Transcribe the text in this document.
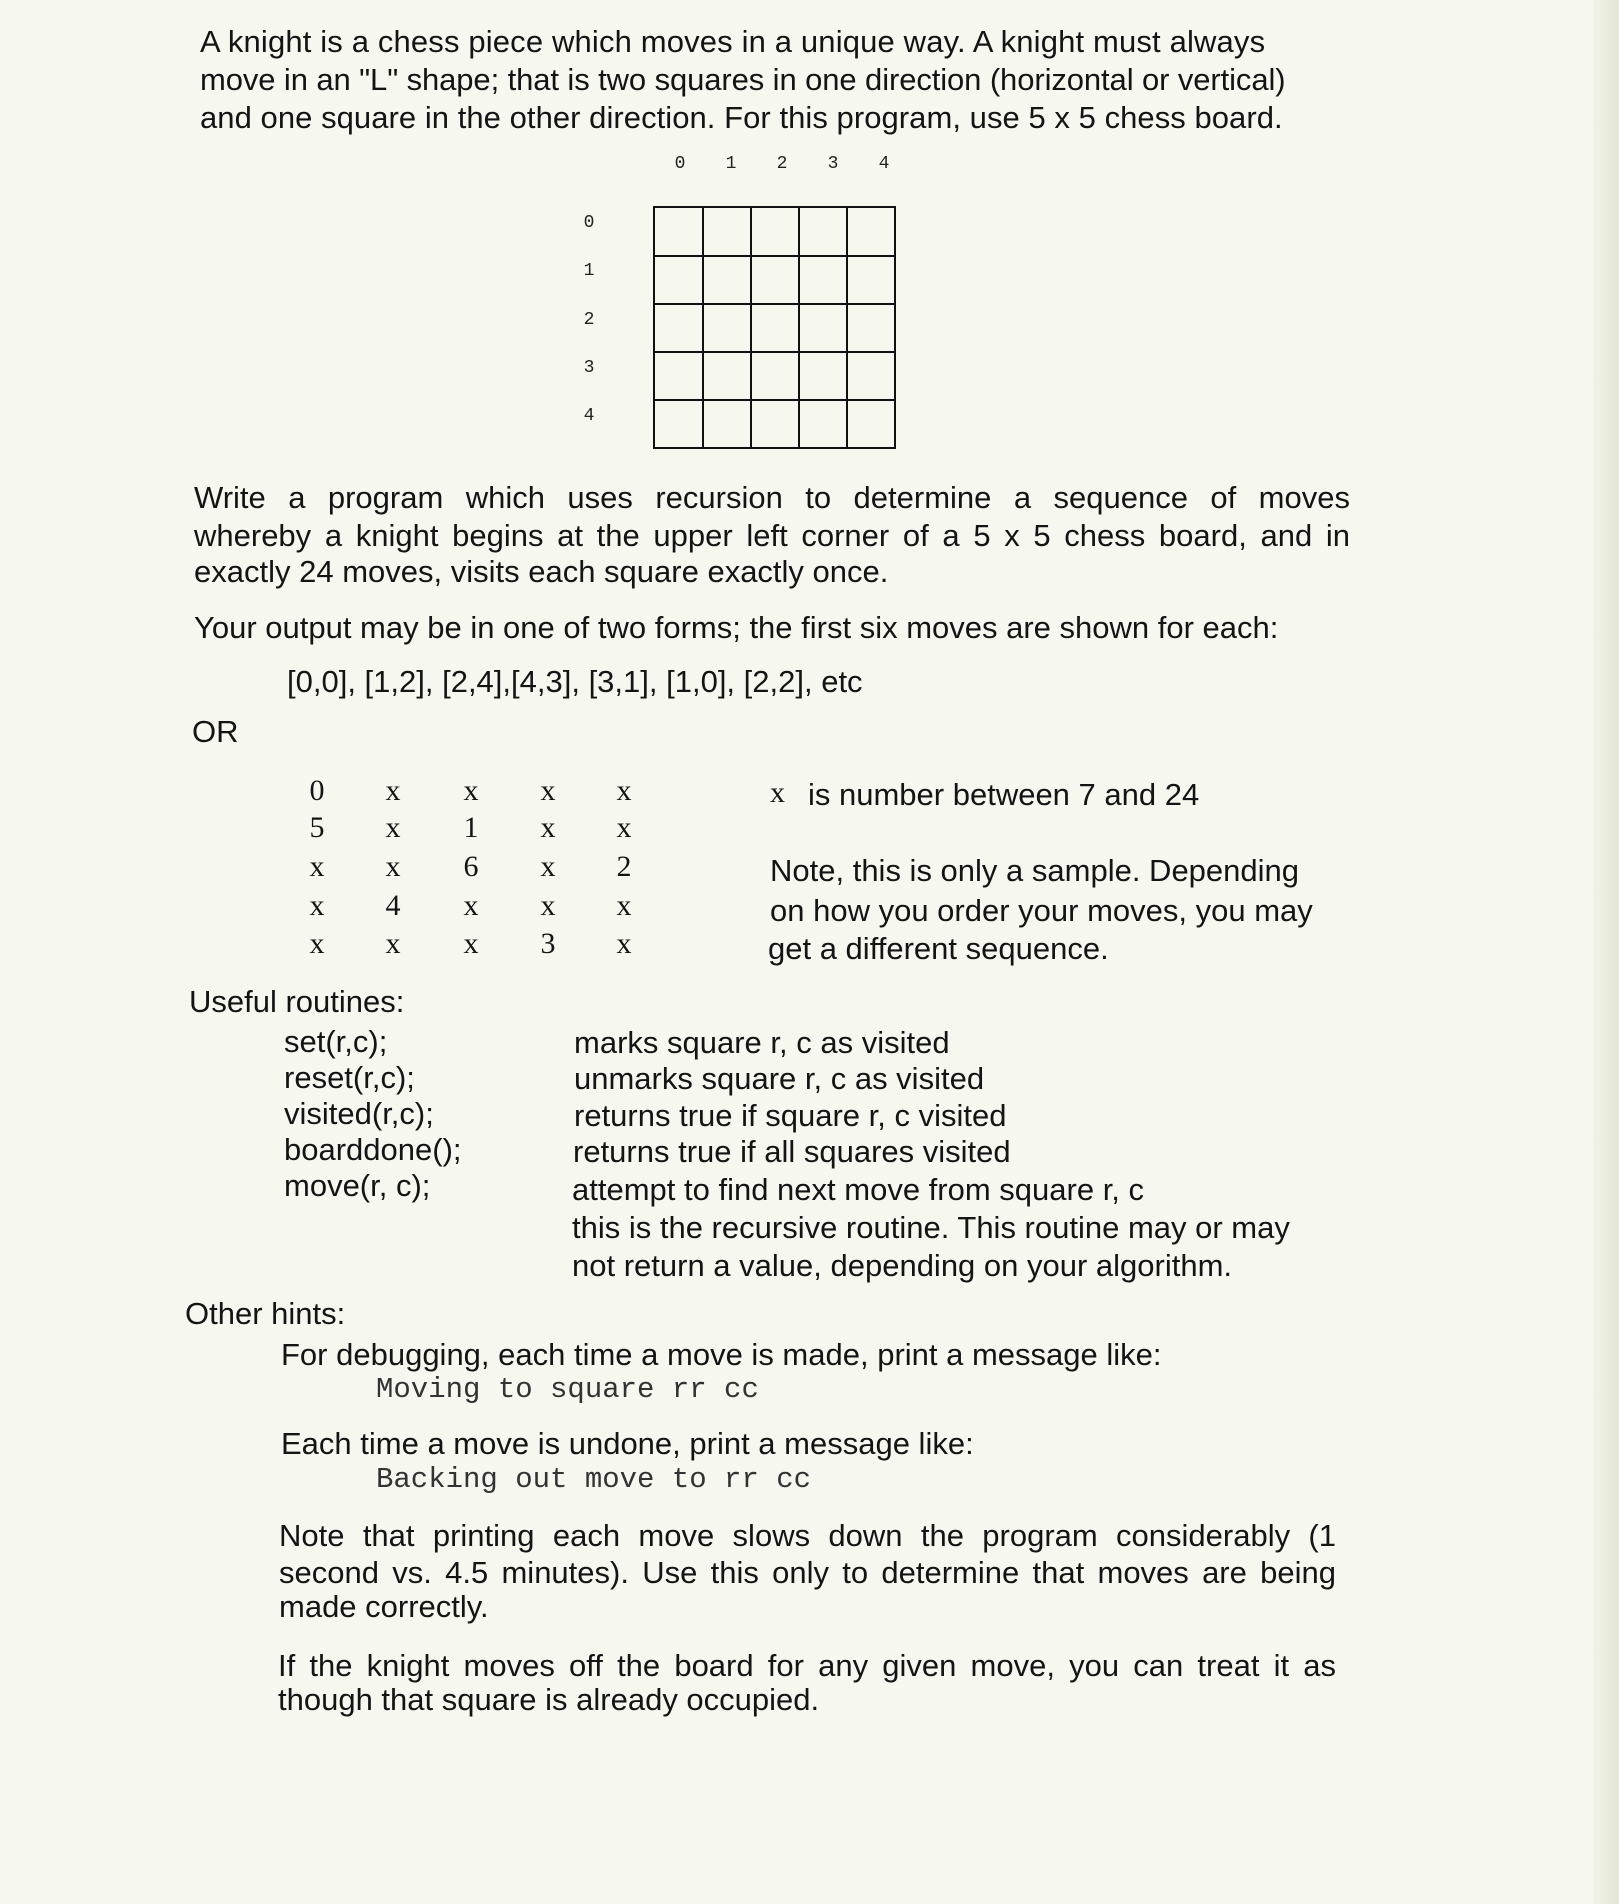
A knight is a chess piece which moves in a unique way. A knight must always
move in an "L" shape; that is two squares in one direction (horizontal or vertical)
and one square in the other direction. For this program, use 5 x 5 chess board.
0 1 2 3 4
0
1
2
3
4
Write a program which uses recursion to determine a sequence of moves
whereby a knight begins at the upper left corner of a 5 x 5 chess board, and in
exactly 24 moves, visits each square exactly once.
Your output may be in one of two forms; the first six moves are shown for each:
[0,0], [1,2], [2,4],[4,3], [3,1], [1,0], [2,2], etc
OR
0	x	x	x	x
5	x	1	x	x
x	x	6	x	2
x	4	x	x	x
x	x	x	3	x
x is number between 7 and 24
Note, this is only a sample. Depending
on how you order your moves, you may
get a different sequence.
Useful routines:
set(r,c);	marks square r, c as visited
reset(r,c);	unmarks square r, c as visited
visited(r,c);	returns true if square r, c visited
boarddone();	returns true if all squares visited
move(r, c);	attempt to find next move from square r, c
this is the recursive routine. This routine may or may
not return a value, depending on your algorithm.
Other hints:
For debugging, each time a move is made, print a message like:
Moving to square rr cc
Each time a move is undone, print a message like:
Backing out move to rr cc
Note that printing each move slows down the program considerably (1
second vs. 4.5 minutes). Use this only to determine that moves are being
made correctly.
If the knight moves off the board for any given move, you can treat it as
though that square is already occupied.
